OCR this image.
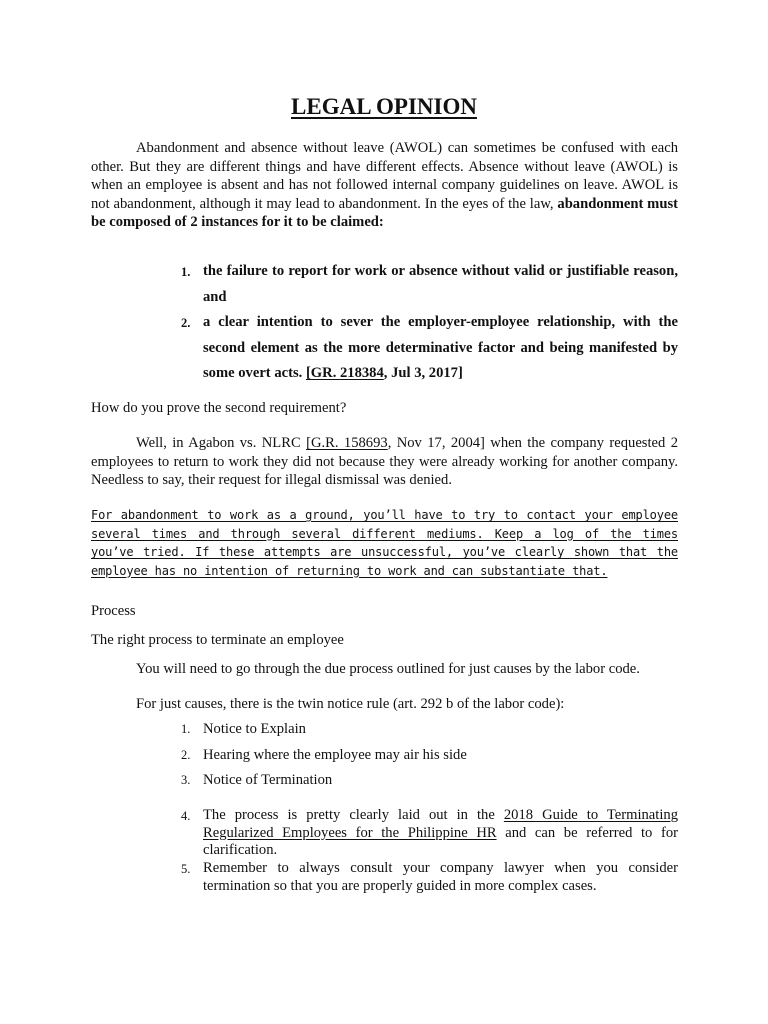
LEGAL OPINION

Abandonment and absence without leave (AWOL) can sometimes be confused with each other. But they are different things and have different effects. Absence without leave (AWOL) is when an employee is absent and has not followed internal company guidelines on leave. AWOL is not abandonment, although it may lead to abandonment. In the eyes of the law, abandonment must be composed of 2 instances for it to be claimed:

1. the failure to report for work or absence without valid or justifiable reason, and

2. a clear intention to sever the employer-employee relationship, with the second element as the more determinative factor and being manifested by some overt acts. [GR. 218384, Jul 3, 2017]

How do you prove the second requirement?

Well, in Agabon vs. NLRC [G.R. 158693, Nov 17, 2004] when the company requested 2 employees to return to work they did not because they were already working for another company. Needless to say, their request for illegal dismissal was denied.

For abandonment to work as a ground, you’ll have to try to contact your employee several times and through several different mediums. Keep a log of the times you’ve tried. If these attempts are unsuccessful, you’ve clearly shown that the employee has no intention of returning to work and can substantiate that.

Process

The right process to terminate an employee

You will need to go through the due process outlined for just causes by the labor code.

For just causes, there is the twin notice rule (art. 292 b of the labor code):

1. Notice to Explain

2. Hearing where the employee may air his side

3. Notice of Termination

4. The process is pretty clearly laid out in the 2018 Guide to Terminating Regularized Employees for the Philippine HR and can be referred to for clarification.

5. Remember to always consult your company lawyer when you consider termination so that you are properly guided in more complex cases.
